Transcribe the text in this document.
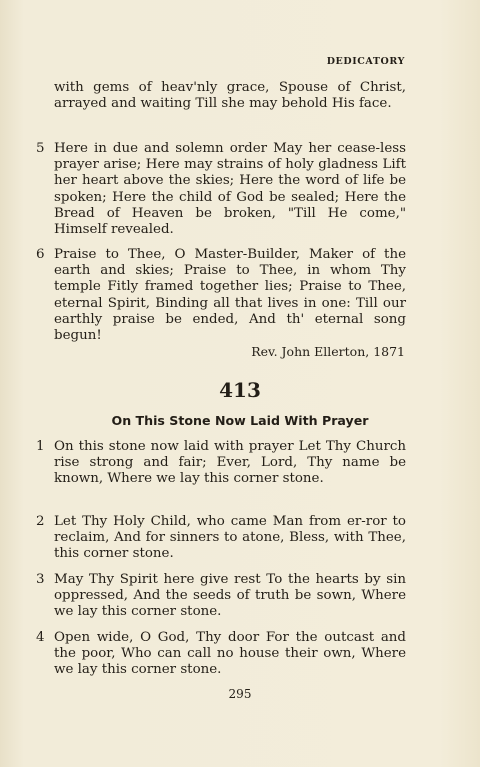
DEDICATORY
with gems of heav'nly grace, Spouse of Christ, arrayed and waiting Till she may behold His face.
5 Here in due and solemn order May her cease-less prayer arise; Here may strains of holy gladness Lift her heart above the skies; Here the word of life be spoken; Here the child of God be sealed; Here the Bread of Heaven be broken, "Till He come," Himself revealed.
6 Praise to Thee, O Master-Builder, Maker of the earth and skies; Praise to Thee, in whom Thy temple Fitly framed together lies; Praise to Thee, eternal Spirit, Binding all that lives in one: Till our earthly praise be ended, And th' eternal song begun!
Rev. John Ellerton, 1871
413
On This Stone Now Laid With Prayer
1 On this stone now laid with prayer Let Thy Church rise strong and fair; Ever, Lord, Thy name be known, Where we lay this corner stone.
2 Let Thy Holy Child, who came Man from er-ror to reclaim, And for sinners to atone, Bless, with Thee, this corner stone.
3 May Thy Spirit here give rest To the hearts by sin oppressed, And the seeds of truth be sown, Where we lay this corner stone.
4 Open wide, O God, Thy door For the outcast and the poor, Who can call no house their own, Where we lay this corner stone.
295
